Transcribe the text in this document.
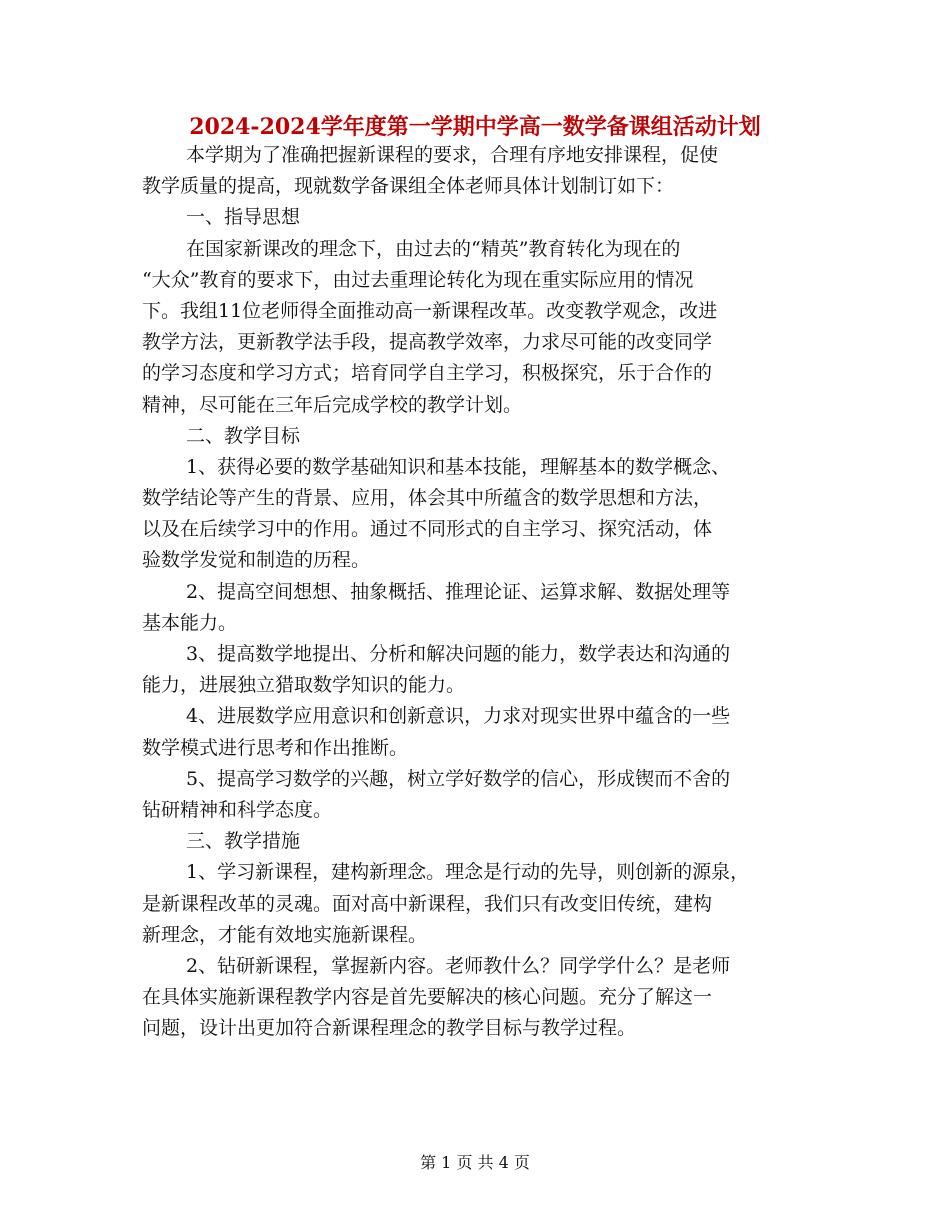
2024-2024学年度第一学期中学高一数学备课组活动计划
本学期为了准确把握新课程的要求，合理有序地安排课程，促使
教学质量的提高，现就数学备课组全体老师具体计划制订如下：
一、指导思想
在国家新课改的理念下，由过去的“精英”教育转化为现在的
“大众”教育的要求下，由过去重理论转化为现在重实际应用的情况
下。我组11位老师得全面推动高一新课程改革。改变教学观念，改进
教学方法，更新教学法手段，提高教学效率，力求尽可能的改变同学
的学习态度和学习方式；培育同学自主学习，积极探究，乐于合作的
精神，尽可能在三年后完成学校的教学计划。
二、教学目标
1、获得必要的数学基础知识和基本技能，理解基本的数学概念、
数学结论等产生的背景、应用，体会其中所蕴含的数学思想和方法，
以及在后续学习中的作用。通过不同形式的自主学习、探究活动，体
验数学发觉和制造的历程。
2、提高空间想想、抽象概括、推理论证、运算求解、数据处理等
基本能力。
3、提高数学地提出、分析和解决问题的能力，数学表达和沟通的
能力，进展独立猎取数学知识的能力。
4、进展数学应用意识和创新意识，力求对现实世界中蕴含的一些
数学模式进行思考和作出推断。
5、提高学习数学的兴趣，树立学好数学的信心，形成锲而不舍的
钻研精神和科学态度。
三、教学措施
1、学习新课程，建构新理念。理念是行动的先导，则创新的源泉，
是新课程改革的灵魂。面对高中新课程，我们只有改变旧传统，建构
新理念，才能有效地实施新课程。
2、钻研新课程，掌握新内容。老师教什么？同学学什么？是老师
在具体实施新课程教学内容是首先要解决的核心问题。充分了解这一
问题，设计出更加符合新课程理念的教学目标与教学过程。
第 1 页 共 4 页
